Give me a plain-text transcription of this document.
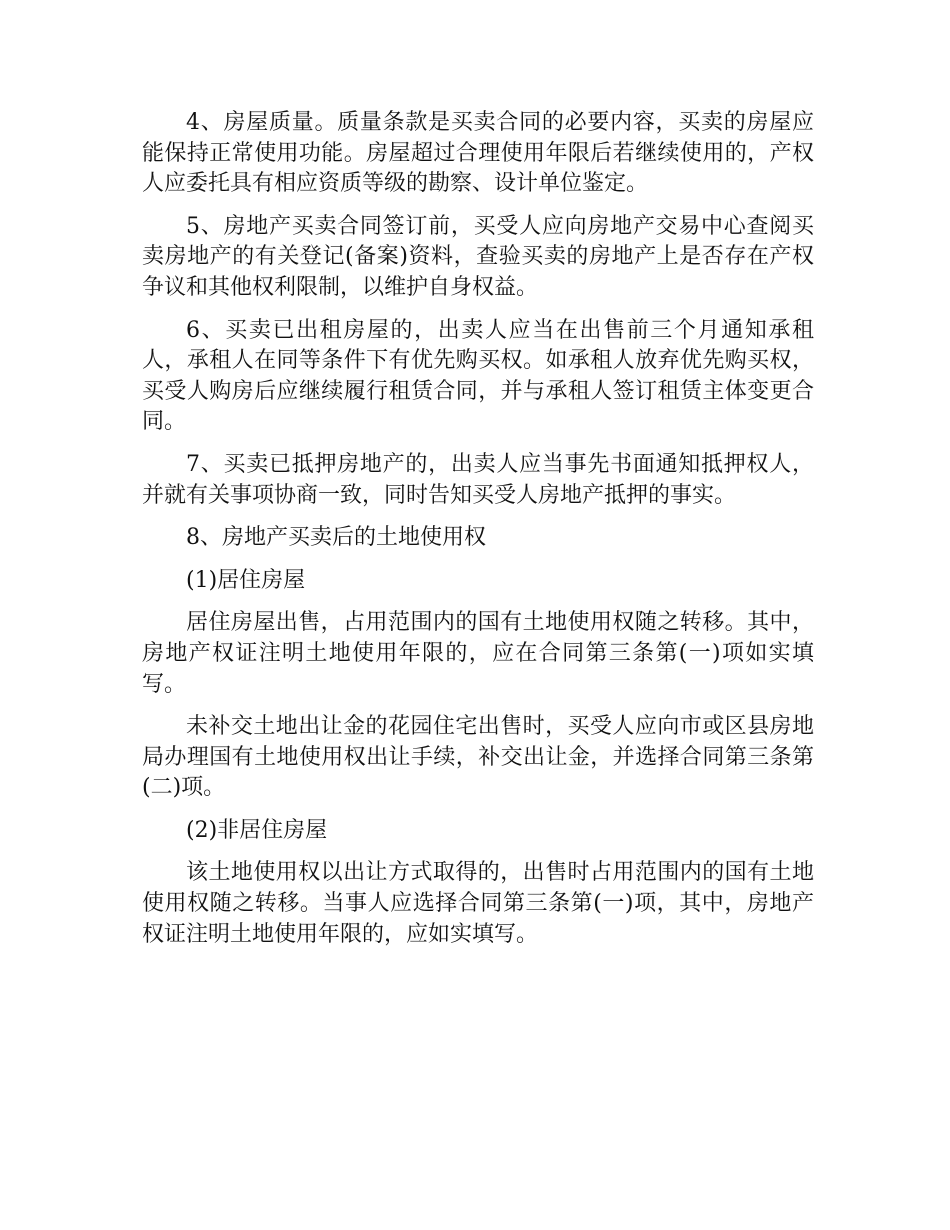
4、房屋质量。质量条款是买卖合同的必要内容，买卖的房屋应能保持正常使用功能。房屋超过合理使用年限后若继续使用的，产权人应委托具有相应资质等级的勘察、设计单位鉴定。

5、房地产买卖合同签订前，买受人应向房地产交易中心查阅买卖房地产的有关登记(备案)资料，查验买卖的房地产上是否存在产权争议和其他权利限制，以维护自身权益。

6、买卖已出租房屋的，出卖人应当在出售前三个月通知承租人，承租人在同等条件下有优先购买权。如承租人放弃优先购买权，买受人购房后应继续履行租赁合同，并与承租人签订租赁主体变更合同。

7、买卖已抵押房地产的，出卖人应当事先书面通知抵押权人，并就有关事项协商一致，同时告知买受人房地产抵押的事实。

8、房地产买卖后的土地使用权

(1)居住房屋

居住房屋出售，占用范围内的国有土地使用权随之转移。其中，房地产权证注明土地使用年限的，应在合同第三条第(一)项如实填写。

未补交土地出让金的花园住宅出售时，买受人应向市或区县房地局办理国有土地使用权出让手续，补交出让金，并选择合同第三条第(二)项。

(2)非居住房屋

该土地使用权以出让方式取得的，出售时占用范围内的国有土地使用权随之转移。当事人应选择合同第三条第(一)项，其中，房地产权证注明土地使用年限的，应如实填写。
